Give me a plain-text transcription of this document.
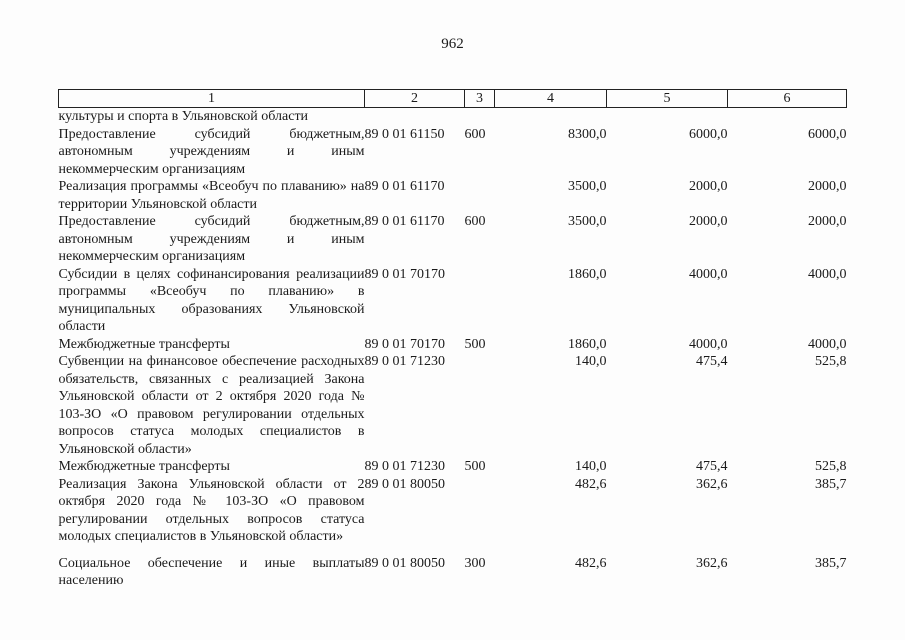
962
1	2	3	4	5	6
культуры и спорта в Ульяновской области					
Предоставление субсидий бюджетным, автономным учреждениям и иным некоммерческим организациям	89 0 01 61150	600	8300,0	6000,0	6000,0
Реализация программы «Всеобуч по плаванию» на территории Ульяновской области	89 0 01 61170		3500,0	2000,0	2000,0
Предоставление субсидий бюджетным, автономным учреждениям и иным некоммерческим организациям	89 0 01 61170	600	3500,0	2000,0	2000,0
Субсидии в целях софинансирования реализации программы «Всеобуч по плаванию» в муниципальных образованиях Ульяновской области	89 0 01 70170		1860,0	4000,0	4000,0
Межбюджетные трансферты	89 0 01 70170	500	1860,0	4000,0	4000,0
Субвенции на финансовое обеспечение расходных обязательств, связанных с реализацией Закона Ульяновской области от 2 октября 2020 года № 103-ЗО «О правовом регулировании отдельных вопросов статуса молодых специалистов в Ульяновской области»	89 0 01 71230		140,0	475,4	525,8
Межбюджетные трансферты	89 0 01 71230	500	140,0	475,4	525,8
Реализация Закона Ульяновской области от 2 октября 2020 года № 103-ЗО «О правовом регулировании отдельных вопросов статуса молодых специалистов в Ульяновской области»	89 0 01 80050		482,6	362,6	385,7
Социальное обеспечение и иные выплаты населению	89 0 01 80050	300	482,6	362,6	385,7
